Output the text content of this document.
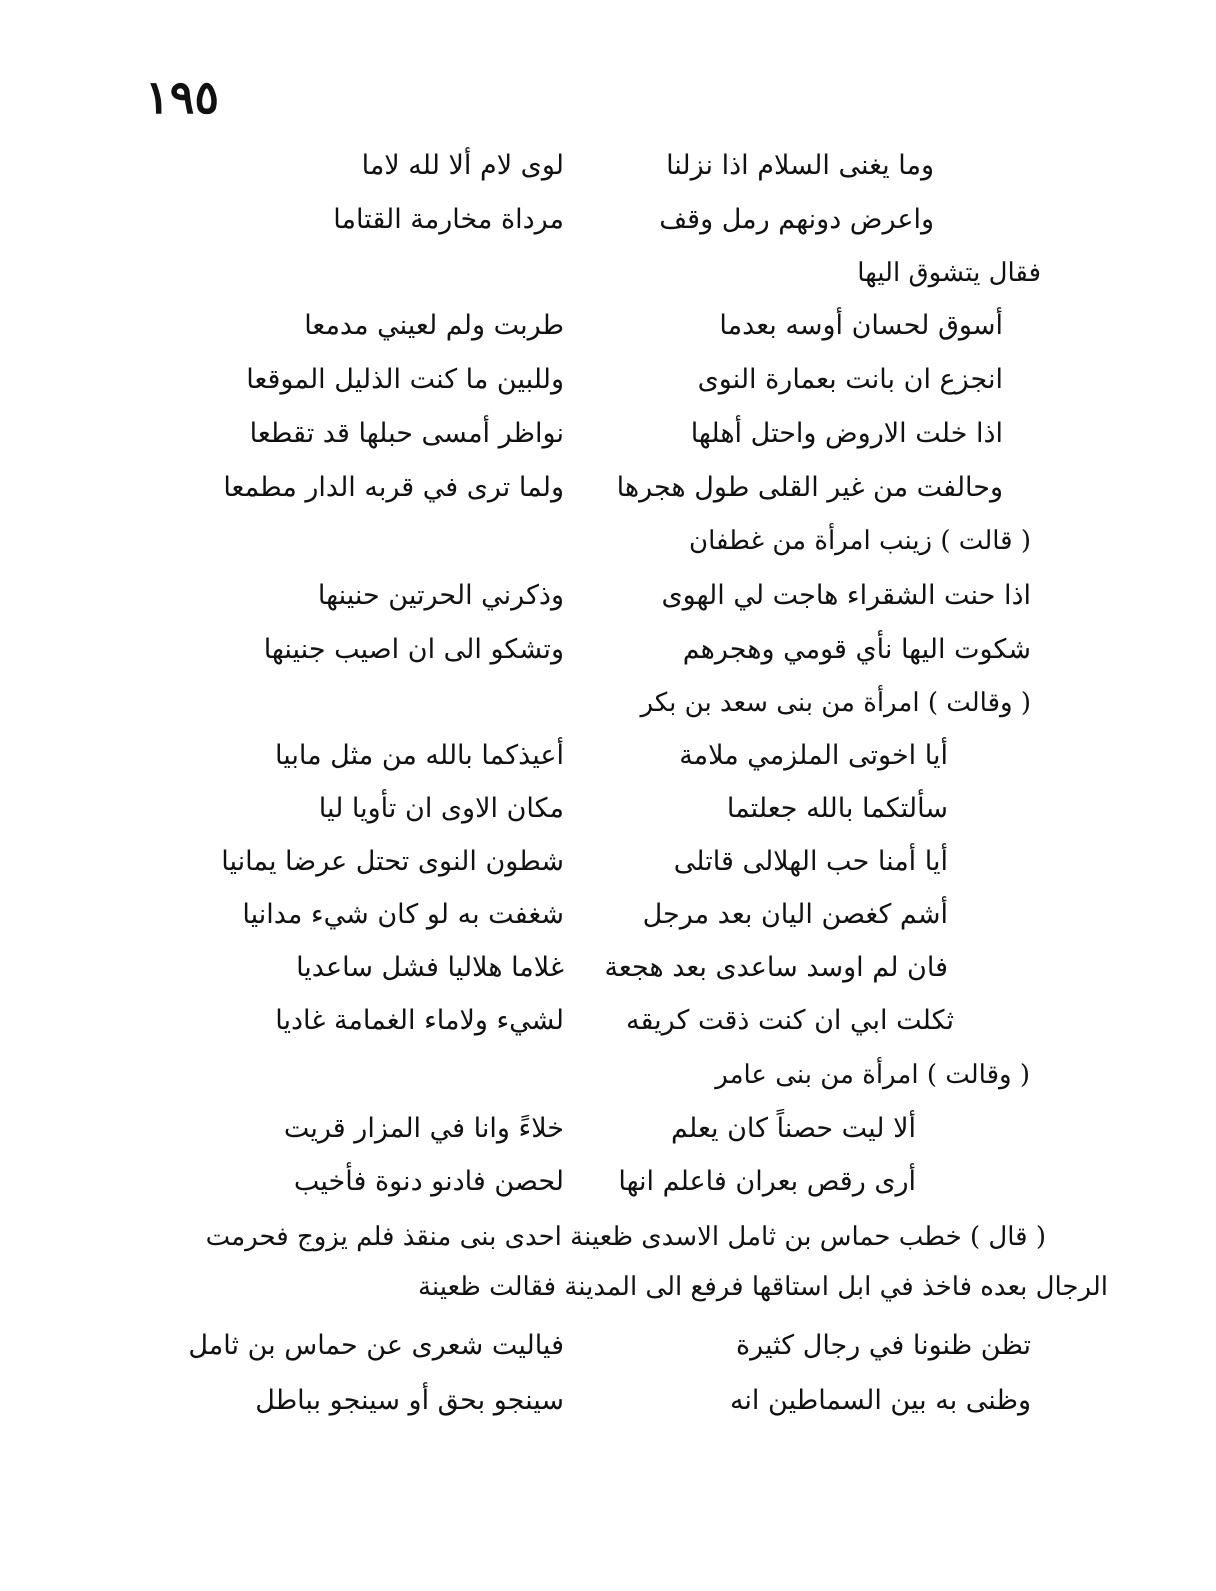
١٩٥
وما يغنى السلام اذا نزلنا
لوى لام ألا لله لاما
واعرض دونهم رمل وقف
مرداة مخارمة القتاما
فقال يتشوق اليها
أسوق لحسان أوسه بعدما
طربت ولم لعيني مدمعا
انجزع ان بانت بعمارة النوى
وللبين ما كنت الذليل الموقعا
اذا خلت الاروض واحتل أهلها
نواظر أمسى حبلها قد تقطعا
وحالفت من غير القلى طول هجرها
ولما ترى في قربه الدار مطمعا
( قالت ) زينب امرأة من غطفان
اذا حنت الشقراء هاجت لي الهوى
وذكرني الحرتين حنينها
شكوت اليها نأي قومي وهجرهم
وتشكو الى ان اصيب جنينها
( وقالت ) امرأة من بنى سعد بن بكر
أيا اخوتى الملزمي ملامة
أعيذكما بالله من مثل مابيا
سألتكما بالله جعلتما
مكان الاوى ان تأويا ليا
أيا أمنا حب الهلالى قاتلى
شطون النوى تحتل عرضا يمانيا
أشم كغصن اليان بعد مرجل
شغفت به لو كان شيء مدانيا
فان لم اوسد ساعدى بعد هجعة
غلاما هلاليا فشل ساعديا
ثكلت ابي ان كنت ذقت كريقه
لشيء ولاماء الغمامة غاديا
( وقالت ) امرأة من بنى عامر
ألا ليت حصناً كان يعلم
خلاءً وانا في المزار قريت
أرى رقص بعران فاعلم انها
لحصن فادنو دنوة فأخيب
( قال ) خطب حماس بن ثامل الاسدى ظعينة احدى بنى منقذ فلم يزوج فحرمت
الرجال بعده فاخذ في ابل استاقها فرفع الى المدينة فقالت ظعينة
تظن ظنونا في رجال كثيرة
فياليت شعرى عن حماس بن ثامل
وظنى به بين السماطين انه
سينجو بحق أو سينجو بباطل
